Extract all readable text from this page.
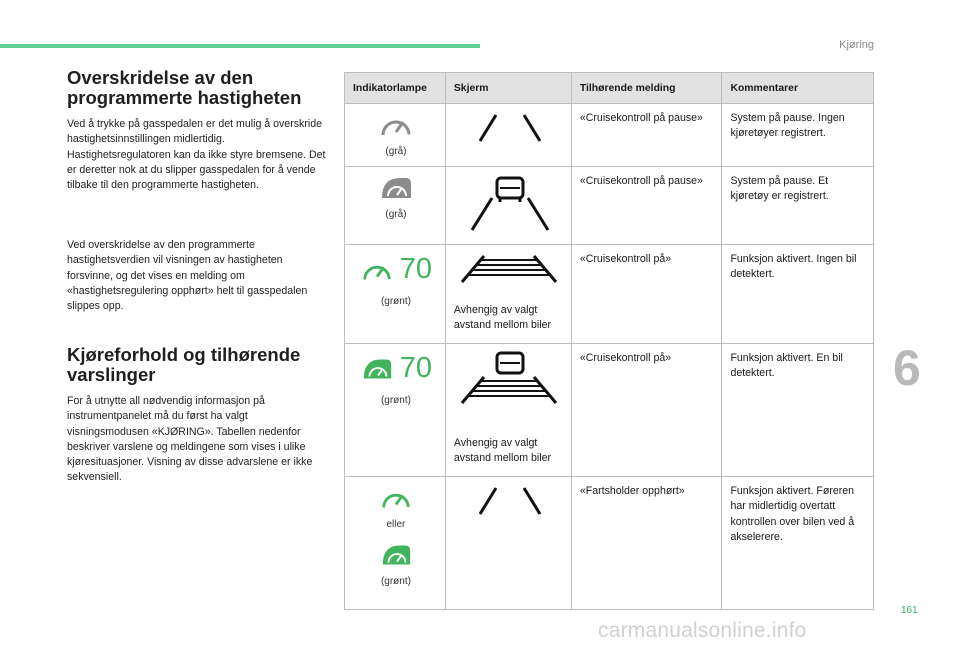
Kjøring
6
161
carmanualsonline.info
Overskridelse av den programmerte hastigheten

Ved å trykke på gasspedalen er det mulig å overskride hastighetsinnstillingen midlertidig. Hastighetsregulatoren kan da ikke styre bremsene. Det er deretter nok at du slipper gasspedalen for å vende tilbake til den programmerte hastigheten.

Ved overskridelse av den programmerte hastighetsverdien vil visningen av hastigheten forsvinne, og det vises en melding om «hastighetsregulering opphørt» helt til gasspedalen slippes opp.

Kjøreforhold og tilhørende varslinger

For å utnytte all nødvendig informasjon på instrumentpanelet må du først ha valgt visningsmodusen «KJØRING». Tabellen nedenfor beskriver varslene og meldingene som vises i ulike kjøresituasjoner. Visning av disse advarslene er ikke sekvensiell.

Indikatorlampe	Skjerm	Tilhørende melding	Kommentarer

(grå)		«Cruisekontroll på pause»	System på pause. Ingen kjøretøyer registrert.

(grå)		«Cruisekontroll på pause»	System på pause. Et kjøretøy er registrert.

70
(grønt)	Avhengig av valgt avstand mellom biler	«Cruisekontroll på»	Funksjon aktivert. Ingen bil detektert.

70
(grønt)	Avhengig av valgt avstand mellom biler	«Cruisekontroll på»	Funksjon aktivert. En bil detektert.

eller

(grønt)		«Fartsholder opphørt»	Funksjon aktivert. Føreren har midlertidig overtatt kontrollen over bilen ved å akselerere.
